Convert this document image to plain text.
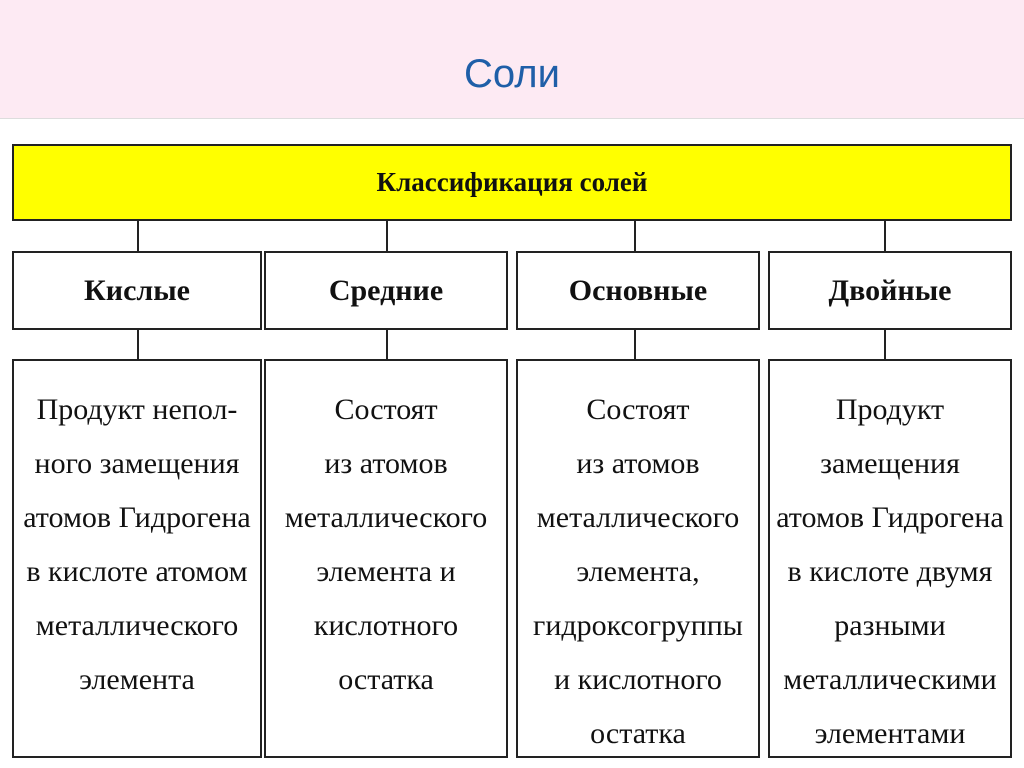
Соли
Классификация солей
Кислые	Средние	Основные	Двойные
Продукт непол-
ного замещения
атомов Гидрогена
в кислоте атомом
металлического
элемента
Состоят
из атомов
металлического
элемента и
кислотного
остатка
Состоят
из атомов
металлического
элемента,
гидроксогруппы
и кислотного
остатка
Продукт
замещения
атомов Гидрогена
в кислоте двумя
разными
металлическими
элементами
